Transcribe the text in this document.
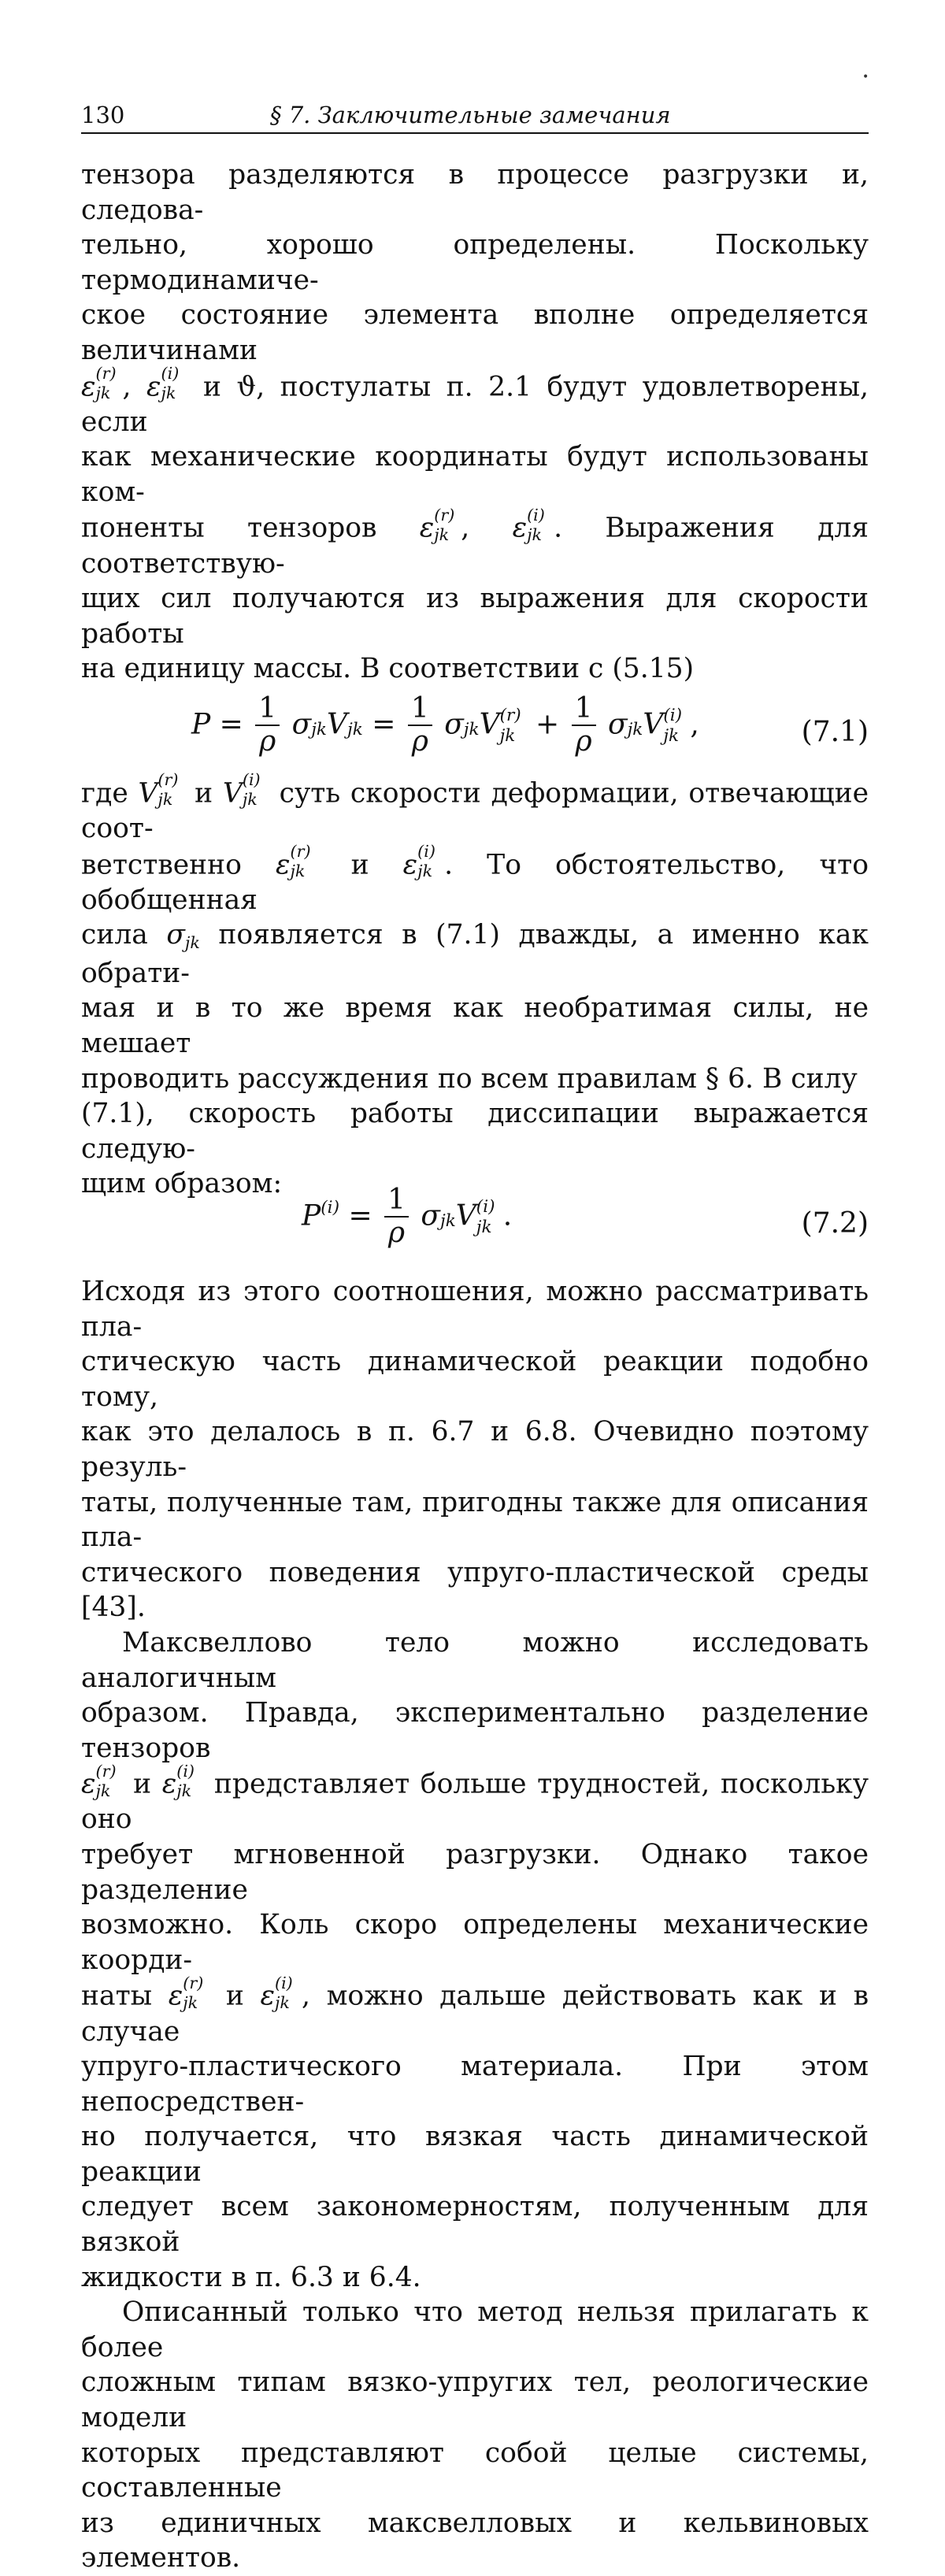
•
130	§ 7. Заключительные замечания
тензора разделяются в процессе разгрузки и, следова-
тельно, хорошо определены. Поскольку термодинамиче-
ское состояние элемента вполне определяется величинами
ε (r)
jk , ε (i)
jk и ϑ, постулаты п. 2.1 будут удовлетворены, если
как механические координаты будут использованы ком-
поненты тензоров ε (r)
jk , ε (i)
jk . Выражения для соответствую-
щих сил получаются из выражения для скорости работы
на единицу массы. В соответствии с (5.15)
P =
1
ρ
σjkVjk =
1
ρ
σjkV (r)
jk +
1
ρ
σjkV (i)
jk ,	(7.1)
где V (r)
jk и V (i)
jk суть скорости деформации, отвечающие соот-
ветственно ε (r)
jk и ε (i)
jk . То обстоятельство, что обобщенная
сила σjk появляется в (7.1) дважды, а именно как обрати-
мая и в то же время как необратимая силы, не мешает
проводить рассуждения по всем правилам § 6. В силу
(7.1), скорость работы диссипации выражается следую-
щим образом:
P(i) =
1
ρ
σjkV (i)
jk .	(7.2)
Исходя из этого соотношения, можно рассматривать пла-
стическую часть динамической реакции подобно тому,
как это делалось в п. 6.7 и 6.8. Очевидно поэтому резуль-
таты, полученные там, пригодны также для описания пла-
стического поведения упруго-пластической среды [43].
Максвеллово тело можно исследовать аналогичным
образом. Правда, экспериментально разделение тензоров
ε (r)
jk и ε (i)
jk представляет больше трудностей, поскольку оно
требует мгновенной разгрузки. Однако такое разделение
возможно. Коль скоро определены механические коорди-
наты ε (r)
jk и ε (i)
jk , можно дальше действовать как и в случае
упруго-пластического материала. При этом непосредствен-
но получается, что вязкая часть динамической реакции
следует всем закономерностям, полученным для вязкой
жидкости в п. 6.3 и 6.4.
Описанный только что метод нельзя прилагать к более
сложным типам вязко-упругих тел, реологические модели
которых представляют собой целые системы, составленные
из единичных максвелловых и кельвиновых элементов.
